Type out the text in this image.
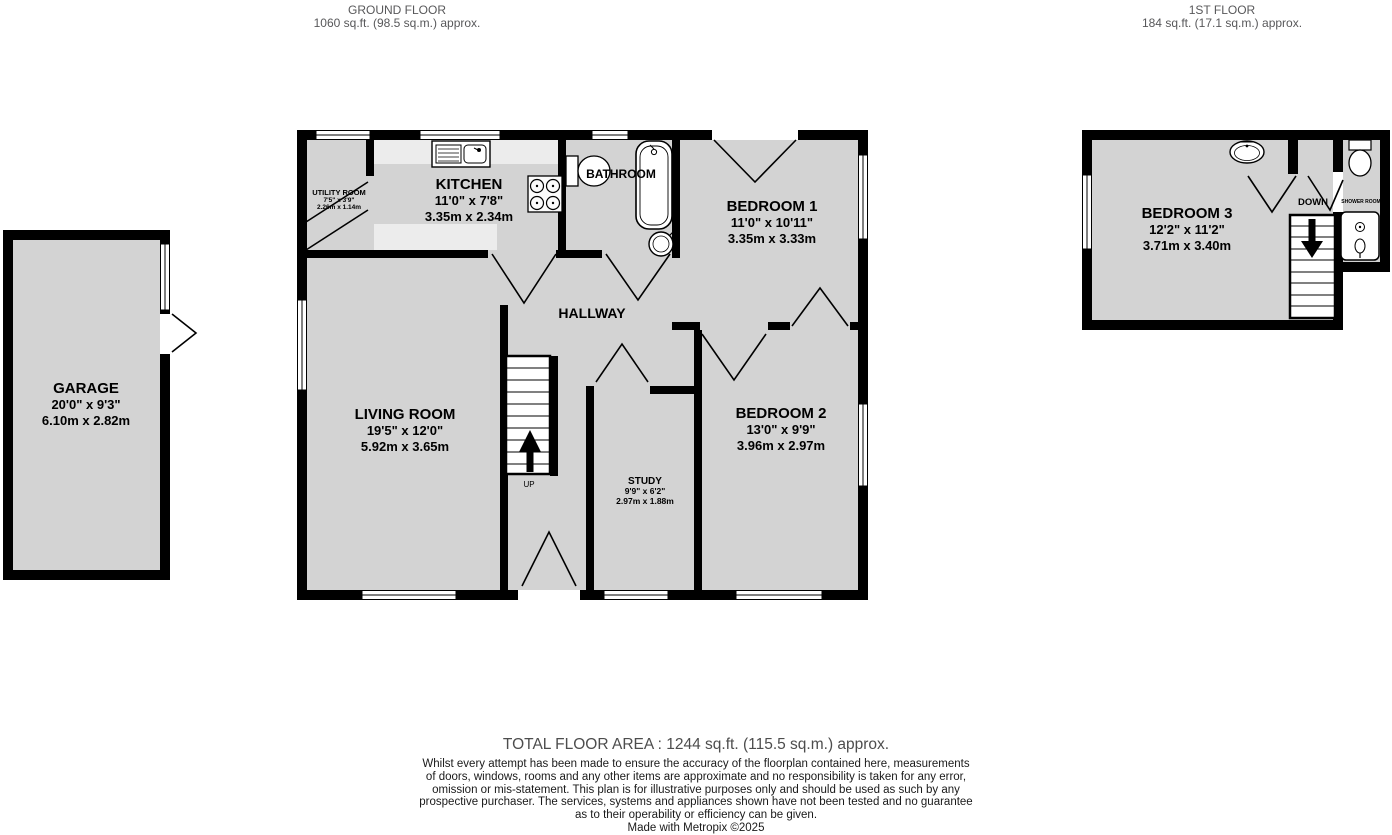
GROUND FLOOR
1060 sq.ft. (98.5 sq.m.) approx.
1ST FLOOR
184 sq.ft. (17.1 sq.m.) approx.
GARAGE
20'0" x 9'3"
6.10m x 2.82m
UTILITY ROOM
7'5" x 3'9"
2.26m x 1.14m
KITCHEN
11'0" x 7'8"
3.35m x 2.34m
BATHROOM
BEDROOM 1
11'0" x 10'11"
3.35m x 3.33m
HALLWAY
LIVING ROOM
19'5" x 12'0"
5.92m x 3.65m
STUDY
9'9" x 6'2"
2.97m x 1.88m
BEDROOM 2
13'0" x 9'9"
3.96m x 2.97m
BEDROOM 3
12'2" x 11'2"
3.71m x 3.40m
SHOWER ROOM
UP
DOWN
TOTAL FLOOR AREA : 1244 sq.ft. (115.5 sq.m.) approx.
Whilst every attempt has been made to ensure the accuracy of the floorplan contained here, measurements
of doors, windows, rooms and any other items are approximate and no responsibility is taken for any error,
omission or mis-statement. This plan is for illustrative purposes only and should be used as such by any
prospective purchaser. The services, systems and appliances shown have not been tested and no guarantee
as to their operability or efficiency can be given.
Made with Metropix ©2025
